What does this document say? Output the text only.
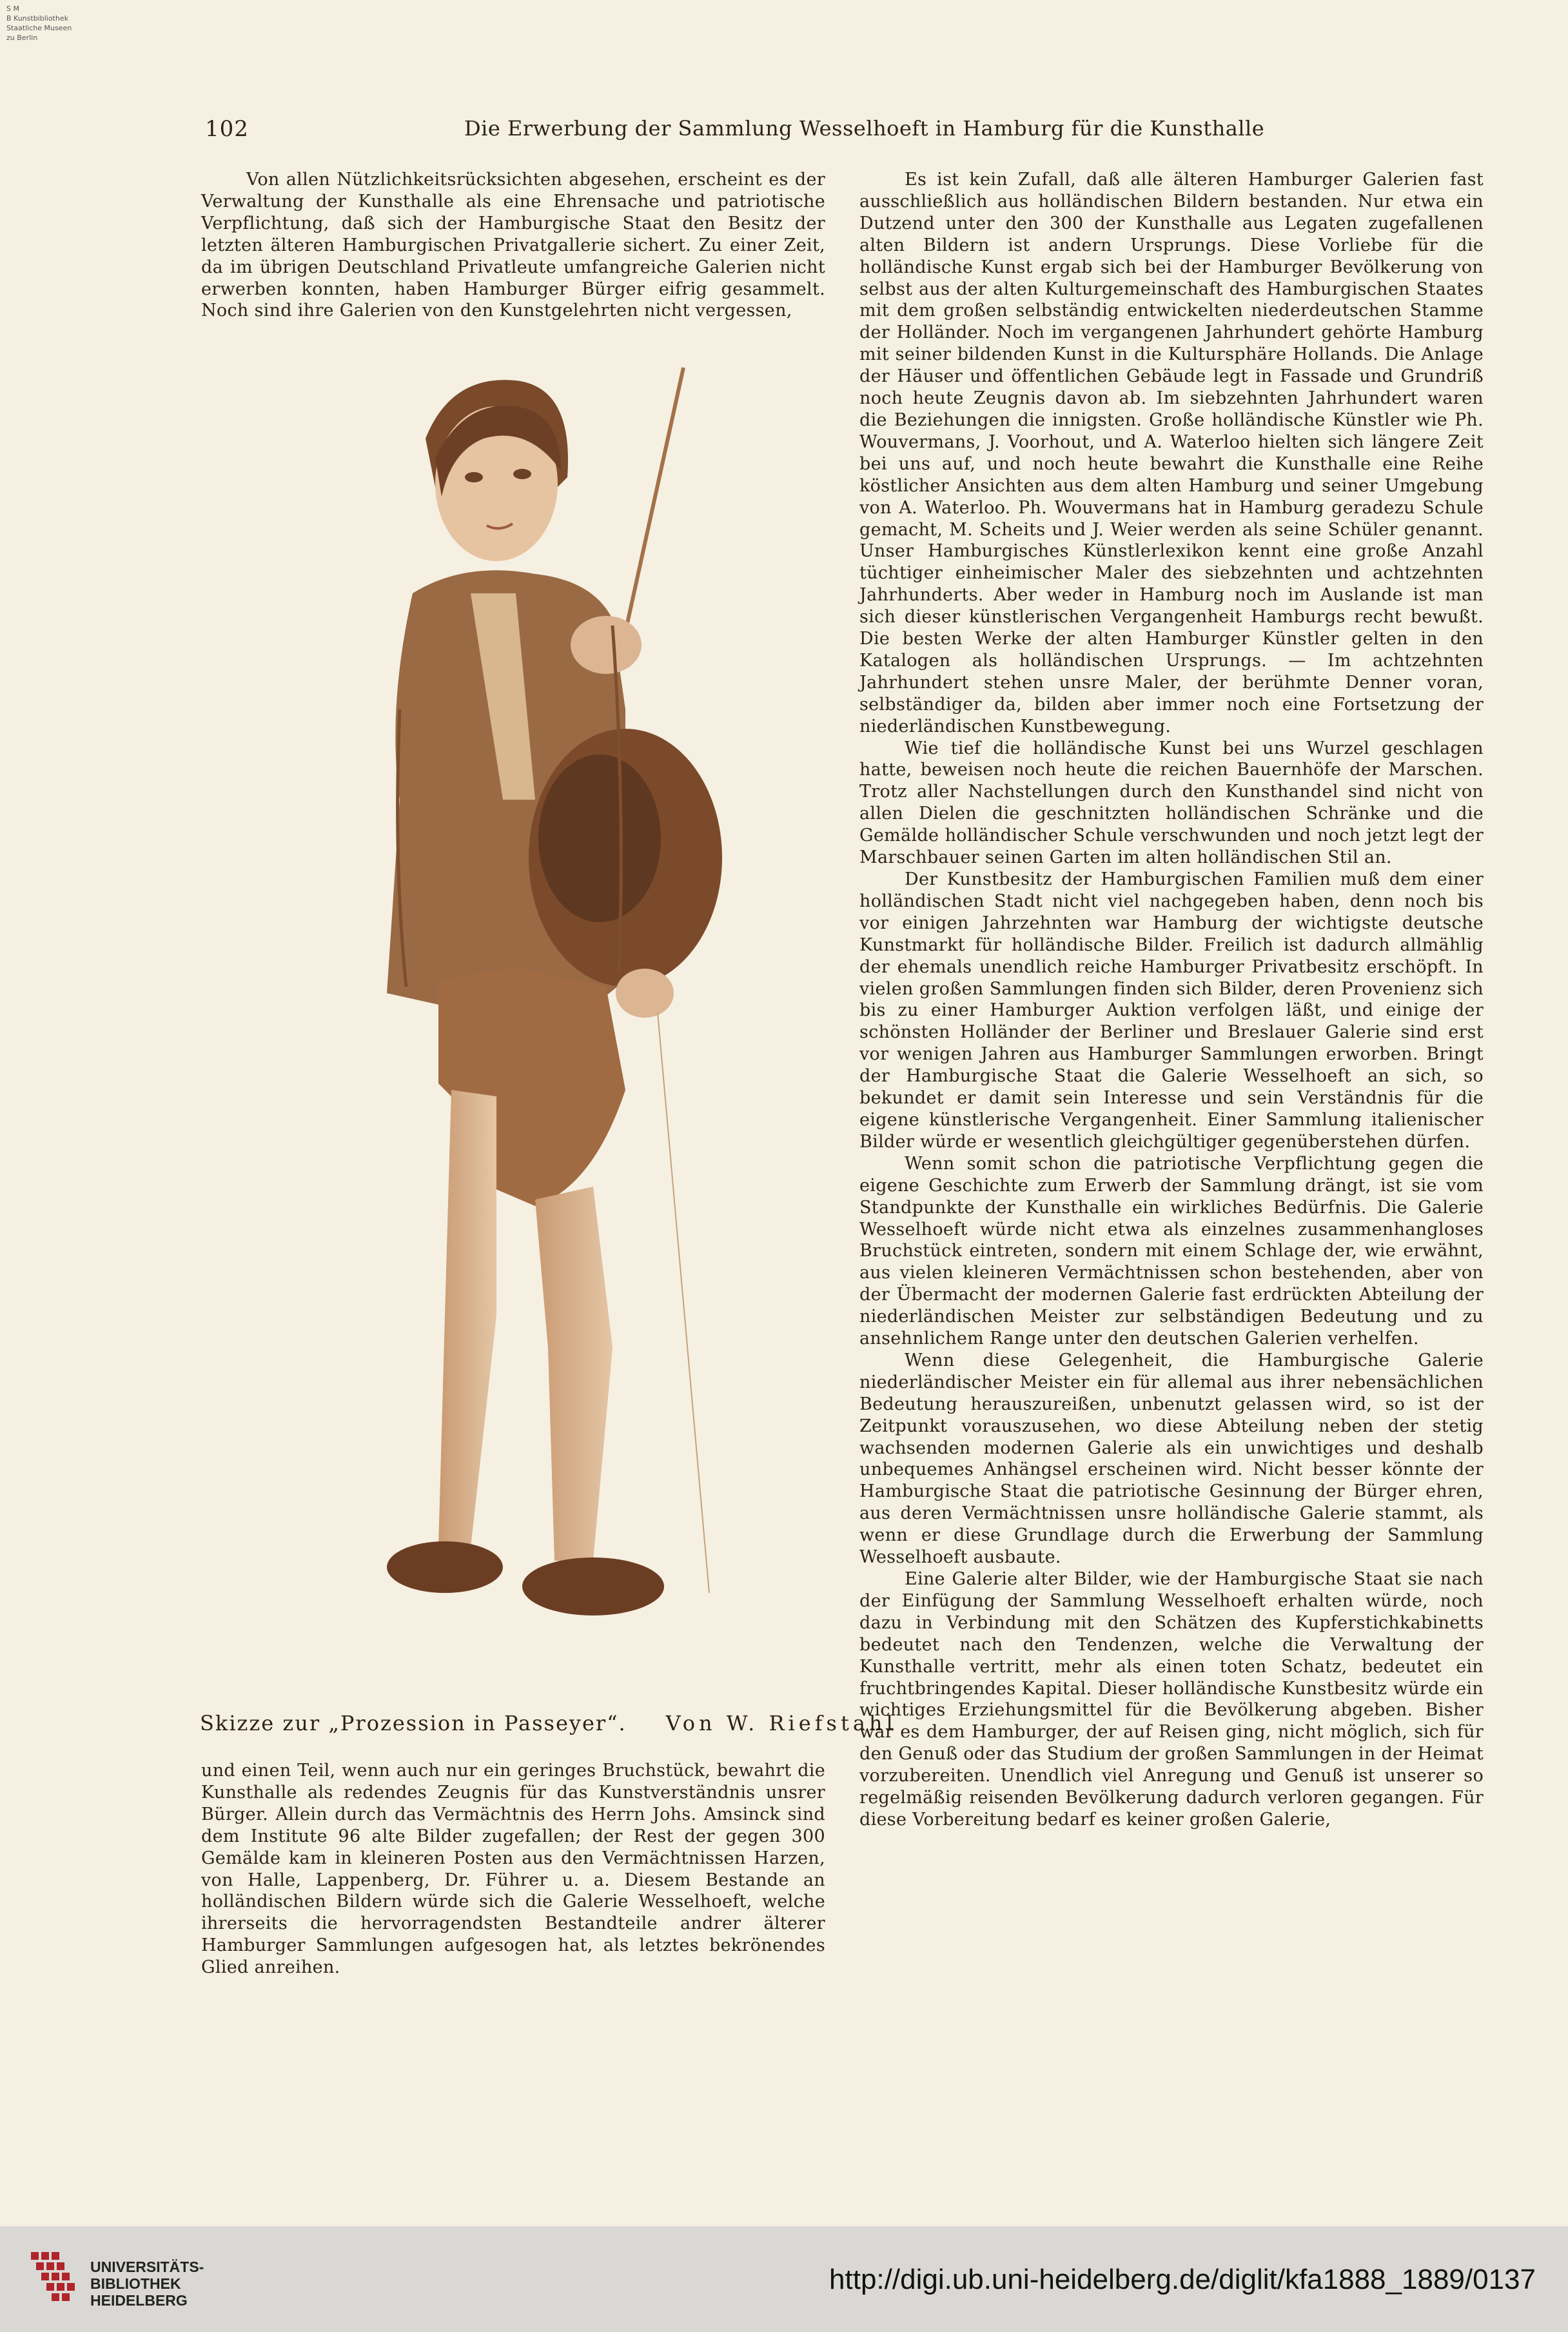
S M
B Kunstbibliothek
Staatliche Museen
zu Berlin
102	Die Erwerbung der Sammlung Wesselhoeft in Hamburg für die Kunsthalle

Von allen Nützlichkeitsrücksichten abgesehen, erscheint es der Verwaltung der Kunsthalle als eine Ehrensache und patriotische Verpflichtung, daß sich der Hamburgische Staat den Besitz der letzten älteren Hamburgischen Privatgallerie sichert. Zu einer Zeit, da im übrigen Deutschland Privatleute umfangreiche Galerien nicht erwerben konnten, haben Hamburger Bürger eifrig gesammelt. Noch sind ihre Galerien von den Kunstgelehrten nicht vergessen,

Skizze zur „Prozession in Passeyer“. Von W. Riefstahl

und einen Teil, wenn auch nur ein geringes Bruchstück, bewahrt die Kunsthalle als redendes Zeugnis für das Kunstverständnis unsrer Bürger. Allein durch das Vermächtnis des Herrn Johs. Amsinck sind dem Institute 96 alte Bilder zugefallen; der Rest der gegen 300 Gemälde kam in kleineren Posten aus den Vermächtnissen Harzen, von Halle, Lappenberg, Dr. Führer u. a. Diesem Bestande an holländischen Bildern würde sich die Galerie Wesselhoeft, welche ihrerseits die hervorragendsten Bestandteile andrer älterer Hamburger Sammlungen aufgesogen hat, als letztes bekrönendes Glied anreihen.

Es ist kein Zufall, daß alle älteren Hamburger Galerien fast ausschließlich aus holländischen Bildern bestanden. Nur etwa ein Dutzend unter den 300 der Kunsthalle aus Legaten zugefallenen alten Bildern ist andern Ursprungs. Diese Vorliebe für die holländische Kunst ergab sich bei der Hamburger Bevölkerung von selbst aus der alten Kulturgemeinschaft des Hamburgischen Staates mit dem großen selbständig entwickelten niederdeutschen Stamme der Holländer. Noch im vergangenen Jahrhundert gehörte Hamburg mit seiner bildenden Kunst in die Kultursphäre Hollands. Die Anlage der Häuser und öffentlichen Gebäude legt in Fassade und Grundriß noch heute Zeugnis davon ab. Im siebzehnten Jahrhundert waren die Beziehungen die innigsten. Große holländische Künstler wie Ph. Wouvermans, J. Voorhout, und A. Waterloo hielten sich längere Zeit bei uns auf, und noch heute bewahrt die Kunsthalle eine Reihe köstlicher Ansichten aus dem alten Hamburg und seiner Umgebung von A. Waterloo. Ph. Wouvermans hat in Hamburg geradezu Schule gemacht, M. Scheits und J. Weier werden als seine Schüler genannt. Unser Hamburgisches Künstlerlexikon kennt eine große Anzahl tüchtiger einheimischer Maler des siebzehnten und achtzehnten Jahrhunderts. Aber weder in Hamburg noch im Auslande ist man sich dieser künstlerischen Vergangenheit Hamburgs recht bewußt. Die besten Werke der alten Hamburger Künstler gelten in den Katalogen als holländischen Ursprungs. — Im achtzehnten Jahrhundert stehen unsre Maler, der berühmte Denner voran, selbständiger da, bilden aber immer noch eine Fortsetzung der niederländischen Kunstbewegung.

Wie tief die holländische Kunst bei uns Wurzel geschlagen hatte, beweisen noch heute die reichen Bauernhöfe der Marschen. Trotz aller Nachstellungen durch den Kunsthandel sind nicht von allen Dielen die geschnitzten holländischen Schränke und die Gemälde holländischer Schule verschwunden und noch jetzt legt der Marschbauer seinen Garten im alten holländischen Stil an.

Der Kunstbesitz der Hamburgischen Familien muß dem einer holländischen Stadt nicht viel nachgegeben haben, denn noch bis vor einigen Jahrzehnten war Hamburg der wichtigste deutsche Kunstmarkt für holländische Bilder. Freilich ist dadurch allmählig der ehemals unendlich reiche Hamburger Privatbesitz erschöpft. In vielen großen Sammlungen finden sich Bilder, deren Provenienz sich bis zu einer Hamburger Auktion verfolgen läßt, und einige der schönsten Holländer der Berliner und Breslauer Galerie sind erst vor wenigen Jahren aus Hamburger Sammlungen erworben. Bringt der Hamburgische Staat die Galerie Wesselhoeft an sich, so bekundet er damit sein Interesse und sein Verständnis für die eigene künstlerische Vergangenheit. Einer Sammlung italienischer Bilder würde er wesentlich gleichgültiger gegenüberstehen dürfen.

Wenn somit schon die patriotische Verpflichtung gegen die eigene Geschichte zum Erwerb der Sammlung drängt, ist sie vom Standpunkte der Kunsthalle ein wirkliches Bedürfnis. Die Galerie Wesselhoeft würde nicht etwa als einzelnes zusammenhangloses Bruchstück eintreten, sondern mit einem Schlage der, wie erwähnt, aus vielen kleineren Vermächtnissen schon bestehenden, aber von der Übermacht der modernen Galerie fast erdrückten Abteilung der niederländischen Meister zur selbständigen Bedeutung und zu ansehnlichem Range unter den deutschen Galerien verhelfen.

Wenn diese Gelegenheit, die Hamburgische Galerie niederländischer Meister ein für allemal aus ihrer nebensächlichen Bedeutung herauszureißen, unbenutzt gelassen wird, so ist der Zeitpunkt vorauszusehen, wo diese Abteilung neben der stetig wachsenden modernen Galerie als ein unwichtiges und deshalb unbequemes Anhängsel erscheinen wird. Nicht besser könnte der Hamburgische Staat die patriotische Gesinnung der Bürger ehren, aus deren Vermächtnissen unsre holländische Galerie stammt, als wenn er diese Grundlage durch die Erwerbung der Sammlung Wesselhoeft ausbaute.

Eine Galerie alter Bilder, wie der Hamburgische Staat sie nach der Einfügung der Sammlung Wesselhoeft erhalten würde, noch dazu in Verbindung mit den Schätzen des Kupferstichkabinetts bedeutet nach den Tendenzen, welche die Verwaltung der Kunsthalle vertritt, mehr als einen toten Schatz, bedeutet ein fruchtbringendes Kapital. Dieser holländische Kunstbesitz würde ein wichtiges Erziehungsmittel für die Bevölkerung abgeben. Bisher war es dem Hamburger, der auf Reisen ging, nicht möglich, sich für den Genuß oder das Studium der großen Sammlungen in der Heimat vorzubereiten. Unendlich viel Anregung und Genuß ist unserer so regelmäßig reisenden Bevölkerung dadurch verloren gegangen. Für diese Vorbereitung bedarf es keiner großen Galerie,

UNIVERSITÄTS-
BIBLIOTHEK
HEIDELBERG
http://digi.ub.uni-heidelberg.de/diglit/kfa1888_1889/0137
